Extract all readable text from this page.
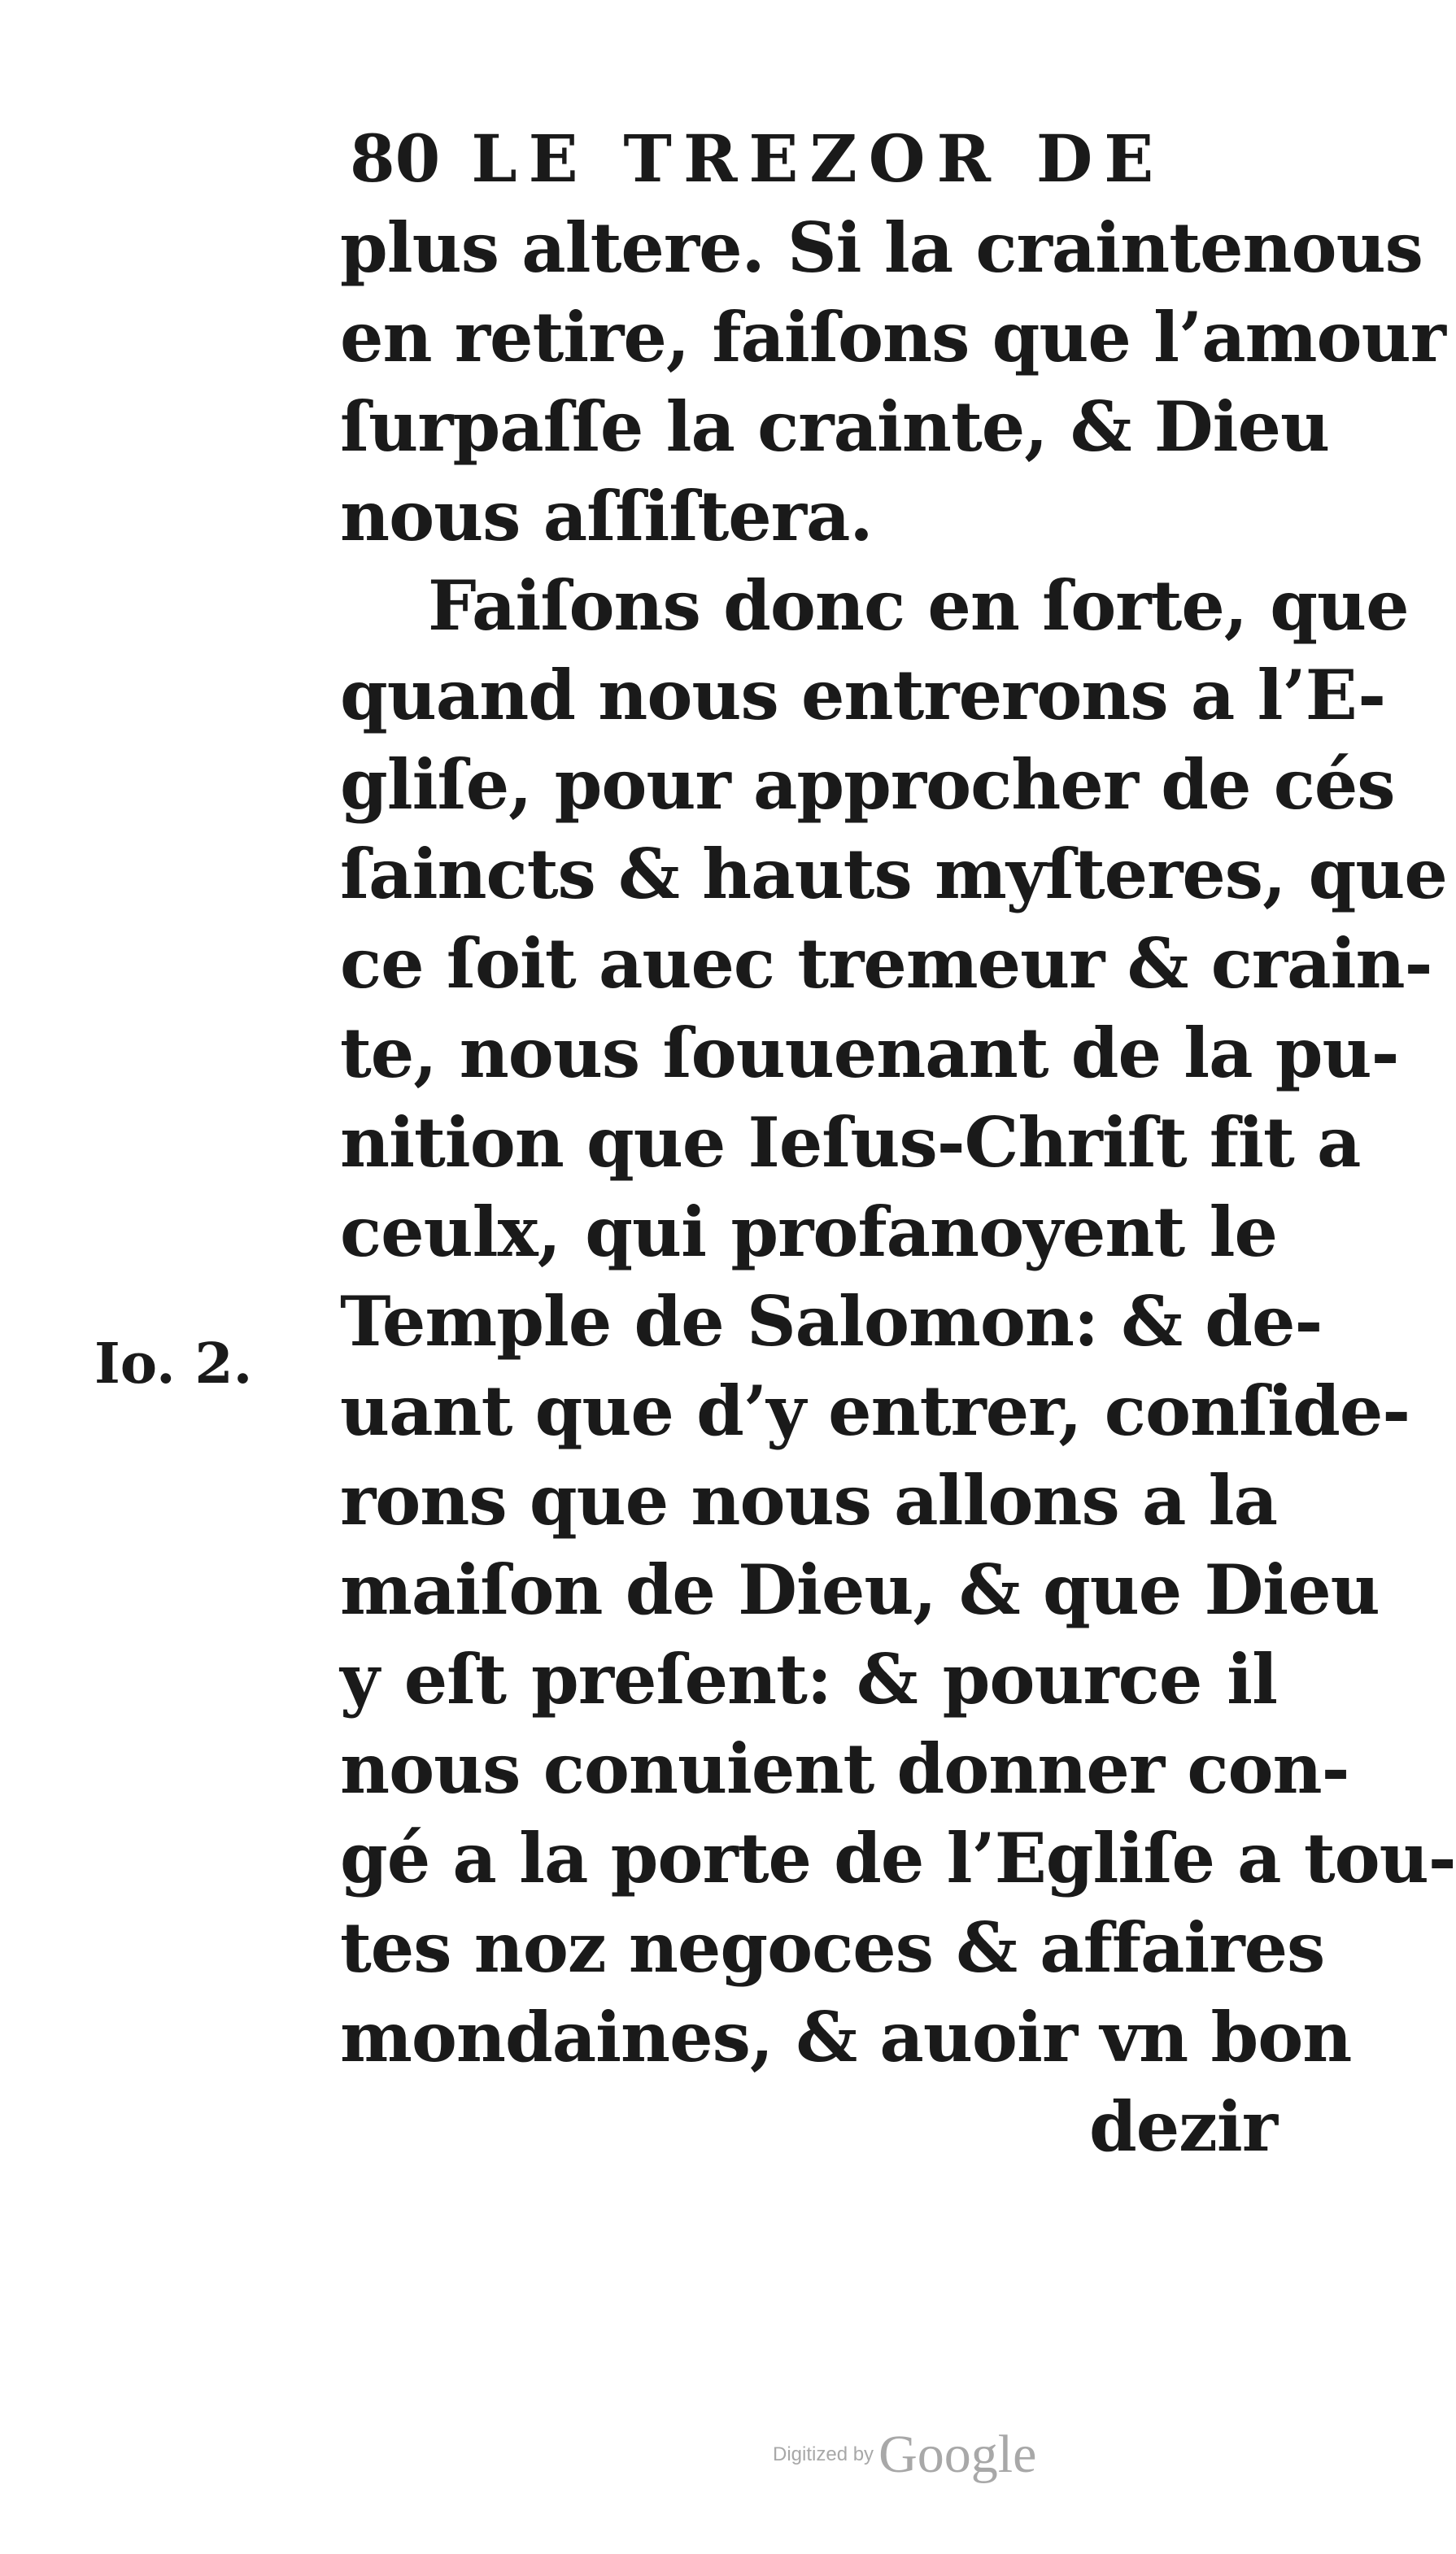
80 LE TREZOR DE
Io. 2.
plus altere. Si la craintenous
en retire, faiſons que l’amour
ſurpaſſe la crainte, & Dieu
nous aſſiſtera.
Faiſons donc en ſorte, que
quand nous entrerons a l’E-
gliſe, pour approcher de cés
ſaincts & hauts myſteres, que
ce ſoit auec tremeur & crain-
te, nous ſouuenant de la pu-
nition que Ieſus-Chriſt fit a
ceulx, qui profanoyent le
Temple de Salomon: & de-
uant que d’y entrer, conſide-
rons que nous allons a la
maiſon de Dieu, & que Dieu
y eſt preſent: & pource il
nous conuient donner con-
gé a la porte de l’Egliſe a tou-
tes noz negoces & affaires
mondaines, & auoir vn bon
dezir
Digitized byGoogle
